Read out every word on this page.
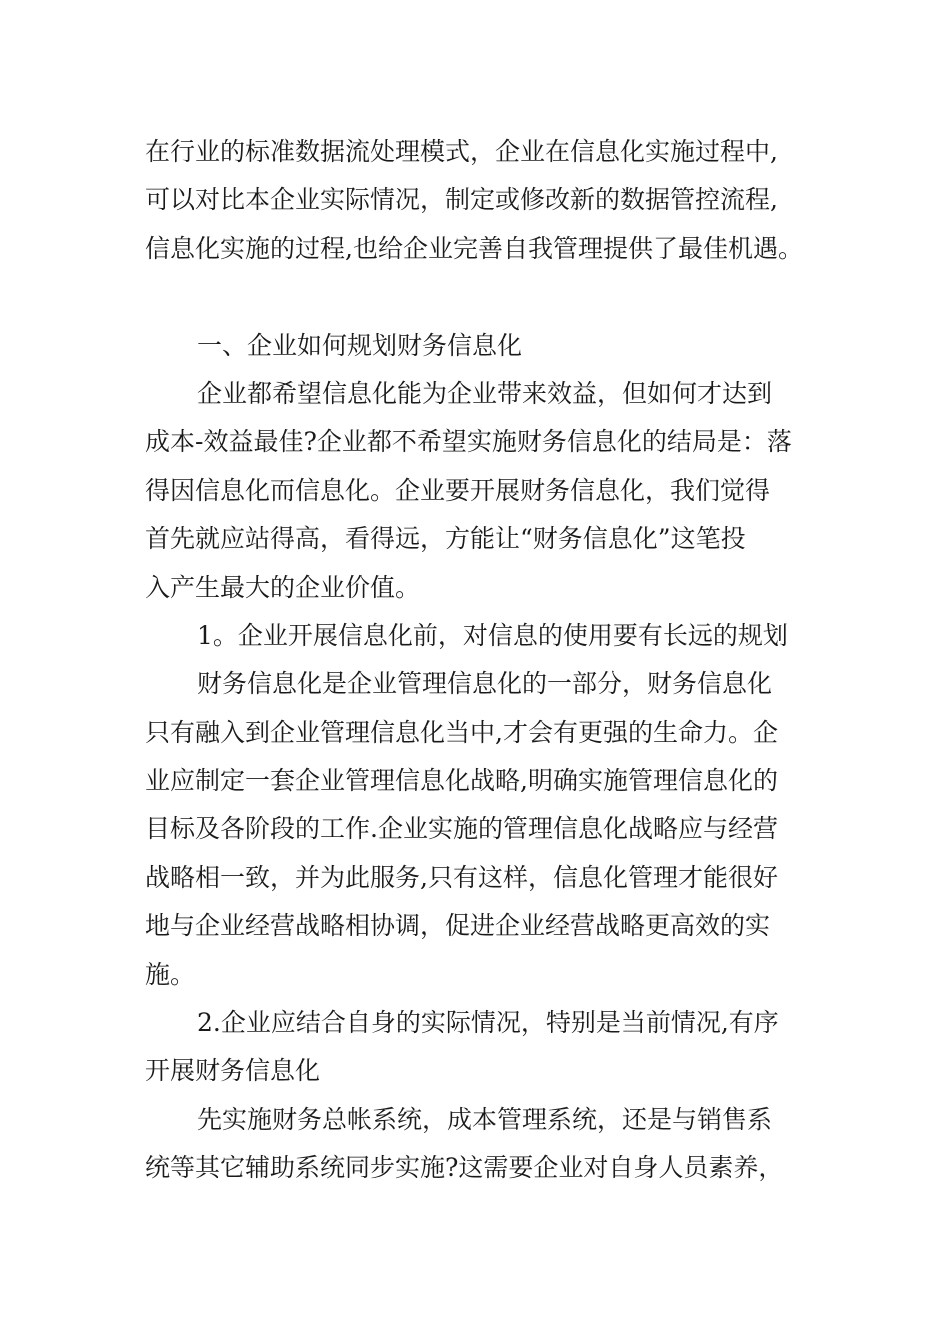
在行业的标准数据流处理模式，企业在信息化实施过程中,
可以对比本企业实际情况，制定或修改新的数据管控流程,
信息化实施的过程,也给企业完善自我管理提供了最佳机遇。
一、企业如何规划财务信息化
企业都希望信息化能为企业带来效益，但如何才达到
成本-效益最佳?企业都不希望实施财务信息化的结局是：落
得因信息化而信息化。企业要开展财务信息化，我们觉得
首先就应站得高，看得远，方能让“财务信息化”这笔投
入产生最大的企业价值。
1。企业开展信息化前，对信息的使用要有长远的规划
财务信息化是企业管理信息化的一部分，财务信息化
只有融入到企业管理信息化当中,才会有更强的生命力。企
业应制定一套企业管理信息化战略,明确实施管理信息化的
目标及各阶段的工作.企业实施的管理信息化战略应与经营
战略相一致，并为此服务,只有这样，信息化管理才能很好
地与企业经营战略相协调，促进企业经营战略更高效的实
施。
2.企业应结合自身的实际情况，特别是当前情况,有序
开展财务信息化
先实施财务总帐系统，成本管理系统，还是与销售系
统等其它辅助系统同步实施?这需要企业对自身人员素养，
